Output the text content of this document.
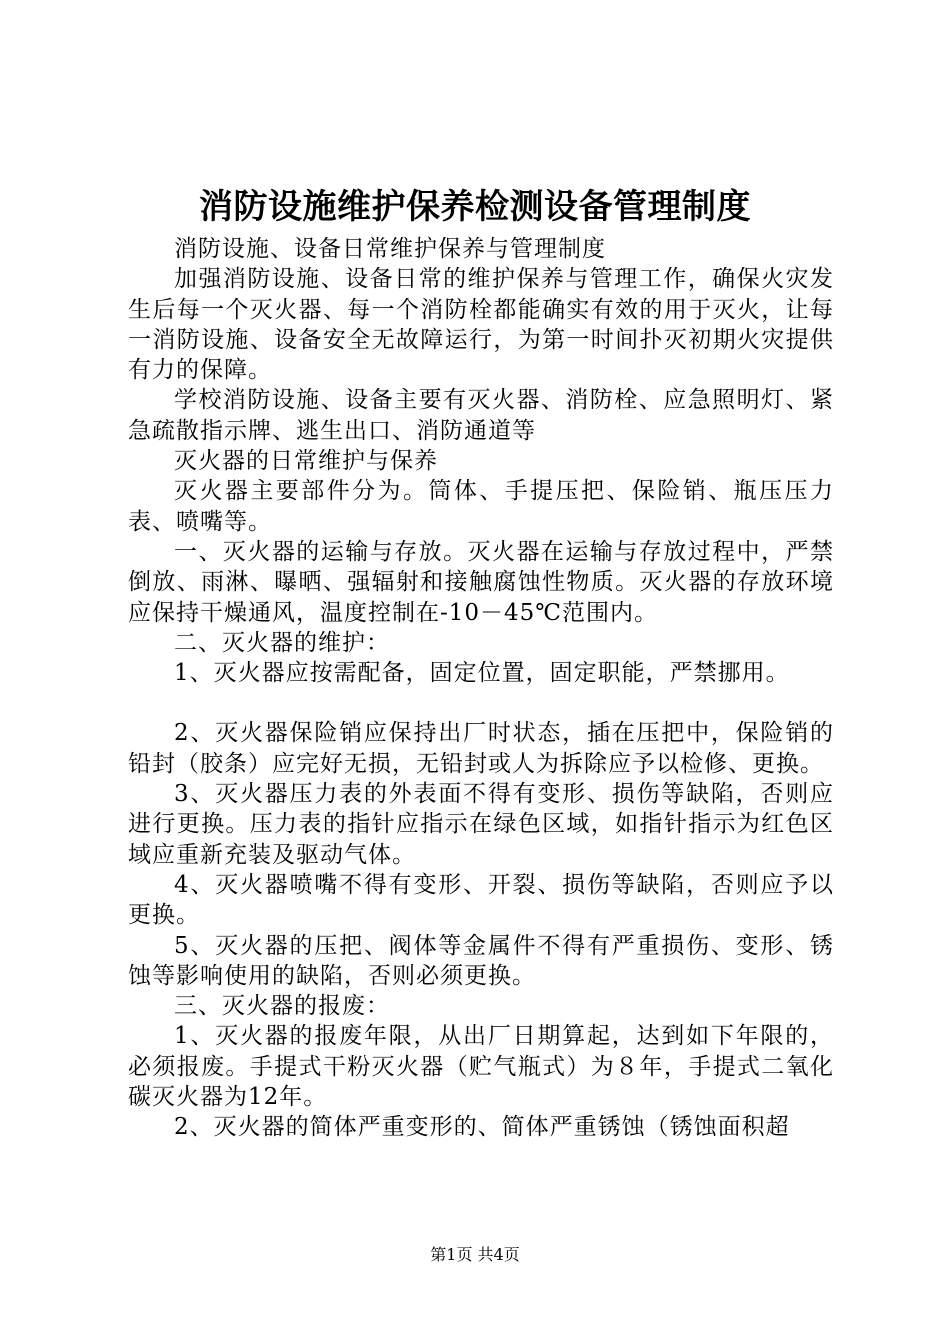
消防设施维护保养检测设备管理制度

消防设施、设备日常维护保养与管理制度

加强消防设施、设备日常的维护保养与管理工作，确保火灾发生后每一个灭火器、每一个消防栓都能确实有效的用于灭火，让每一消防设施、设备安全无故障运行，为第一时间扑灭初期火灾提供有力的保障。

学校消防设施、设备主要有灭火器、消防栓、应急照明灯、紧急疏散指示牌、逃生出口、消防通道等

灭火器的日常维护与保养

灭火器主要部件分为。筒体、手提压把、保险销、瓶压压力表、喷嘴等。

一、灭火器的运输与存放。灭火器在运输与存放过程中，严禁倒放、雨淋、曝晒、强辐射和接触腐蚀性物质。灭火器的存放环境应保持干燥通风，温度控制在-10－45℃范围内。

二、灭火器的维护：

1、灭火器应按需配备，固定位置，固定职能，严禁挪用。

2、灭火器保险销应保持出厂时状态，插在压把中，保险销的铅封（胶条）应完好无损，无铅封或人为拆除应予以检修、更换。

3、灭火器压力表的外表面不得有变形、损伤等缺陷，否则应进行更换。压力表的指针应指示在绿色区域，如指针指示为红色区域应重新充装及驱动气体。

4、灭火器喷嘴不得有变形、开裂、损伤等缺陷，否则应予以更换。

5、灭火器的压把、阀体等金属件不得有严重损伤、变形、锈蚀等影响使用的缺陷，否则必须更换。

三、灭火器的报废：

1、灭火器的报废年限，从出厂日期算起，达到如下年限的，必须报废。手提式干粉灭火器（贮气瓶式）为８年，手提式二氧化碳灭火器为12年。

2、灭火器的简体严重变形的、简体严重锈蚀（锈蚀面积超

第1页 共4页
